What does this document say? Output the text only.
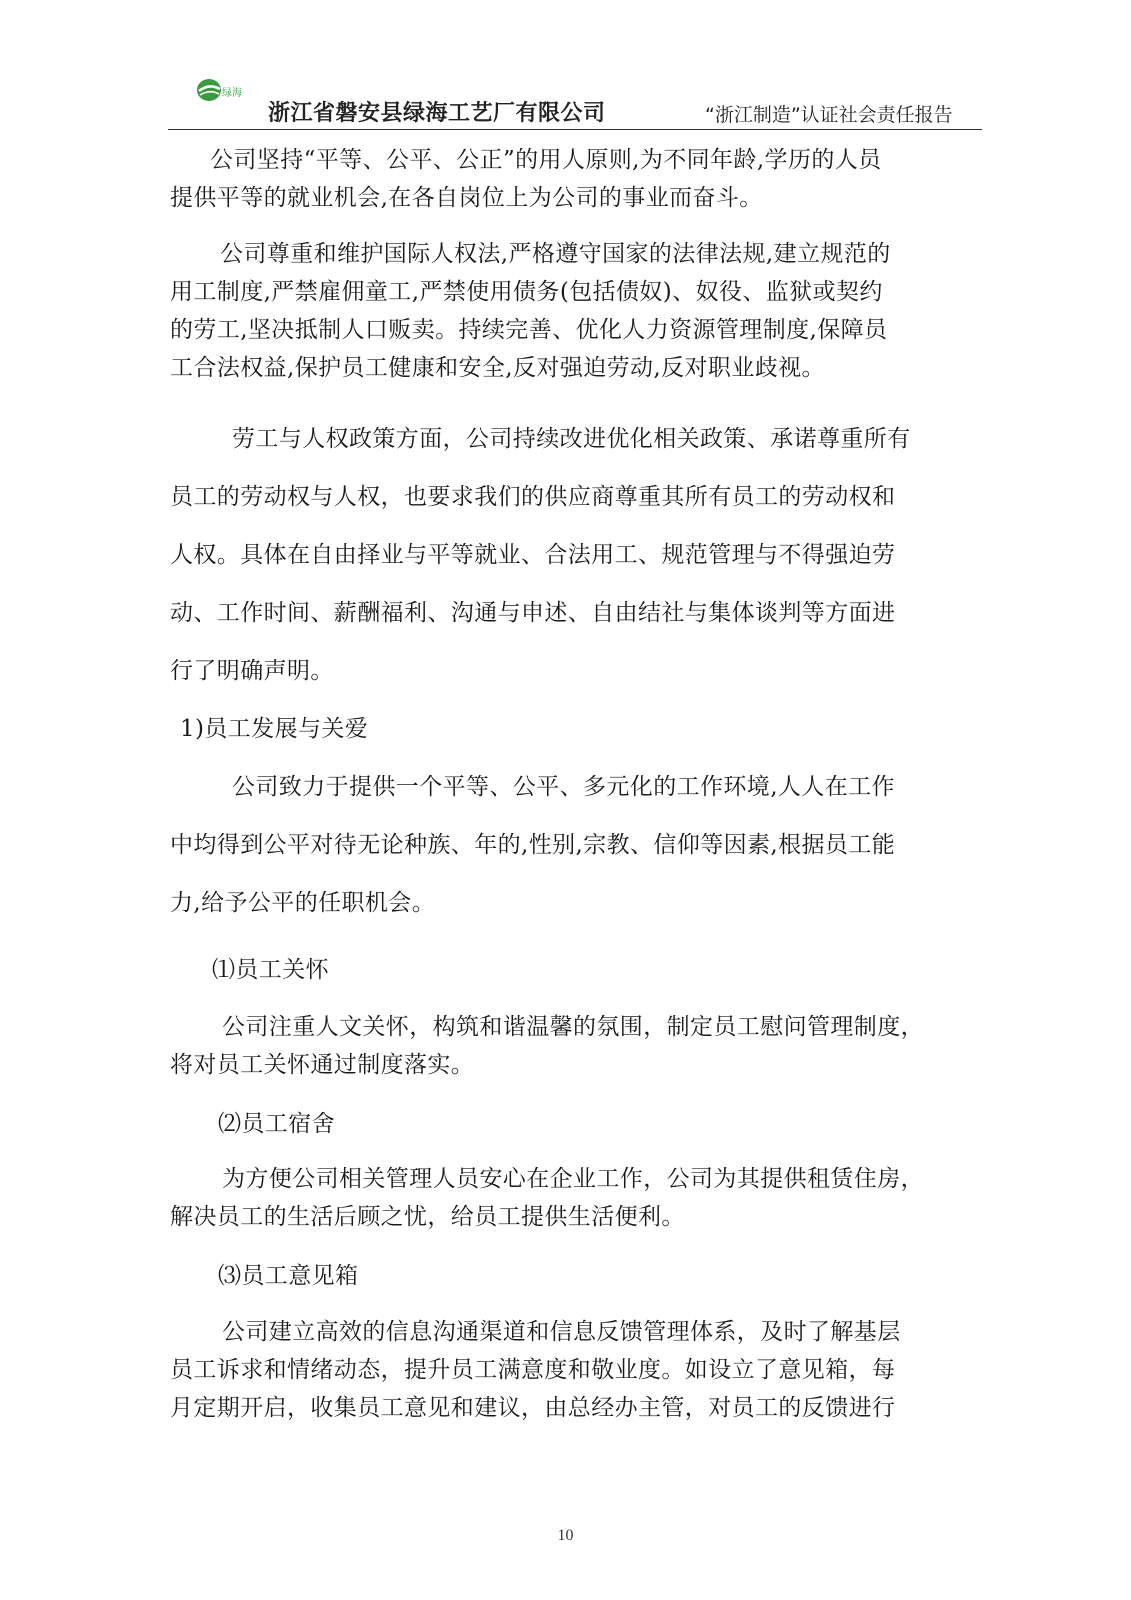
绿海
浙江省磐安县绿海工艺厂有限公司	“浙江制造”认证社会责任报告
公司坚持“平等、公平、公正”的用人原则,为不同年龄,学历的人员
提供平等的就业机会,在各自岗位上为公司的事业而奋斗。
公司尊重和维护国际人权法,严格遵守国家的法律法规,建立规范的
用工制度,严禁雇佣童工,严禁使用债务(包括债奴)、奴役、监狱或契约
的劳工,坚决抵制人口贩卖。持续完善、优化人力资源管理制度,保障员
工合法权益,保护员工健康和安全,反对强迫劳动,反对职业歧视。
劳工与人权政策方面，公司持续改进优化相关政策、承诺尊重所有
员工的劳动权与人权，也要求我们的供应商尊重其所有员工的劳动权和
人权。具体在自由择业与平等就业、合法用工、规范管理与不得强迫劳
动、工作时间、薪酬福利、沟通与申述、自由结社与集体谈判等方面进
行了明确声明。
1)员工发展与关爱
公司致力于提供一个平等、公平、多元化的工作环境,人人在工作
中均得到公平对待无论种族、年的,性别,宗教、信仰等因素,根据员工能
力,给予公平的任职机会。
⑴员工关怀
公司注重人文关怀，构筑和谐温馨的氛围，制定员工慰问管理制度，
将对员工关怀通过制度落实。
⑵员工宿舍
为方便公司相关管理人员安心在企业工作，公司为其提供租赁住房，
解决员工的生活后顾之忧，给员工提供生活便利。
⑶员工意见箱
公司建立高效的信息沟通渠道和信息反馈管理体系，及时了解基层
员工诉求和情绪动态，提升员工满意度和敬业度。如设立了意见箱，每
月定期开启，收集员工意见和建议，由总经办主管，对员工的反馈进行
10
